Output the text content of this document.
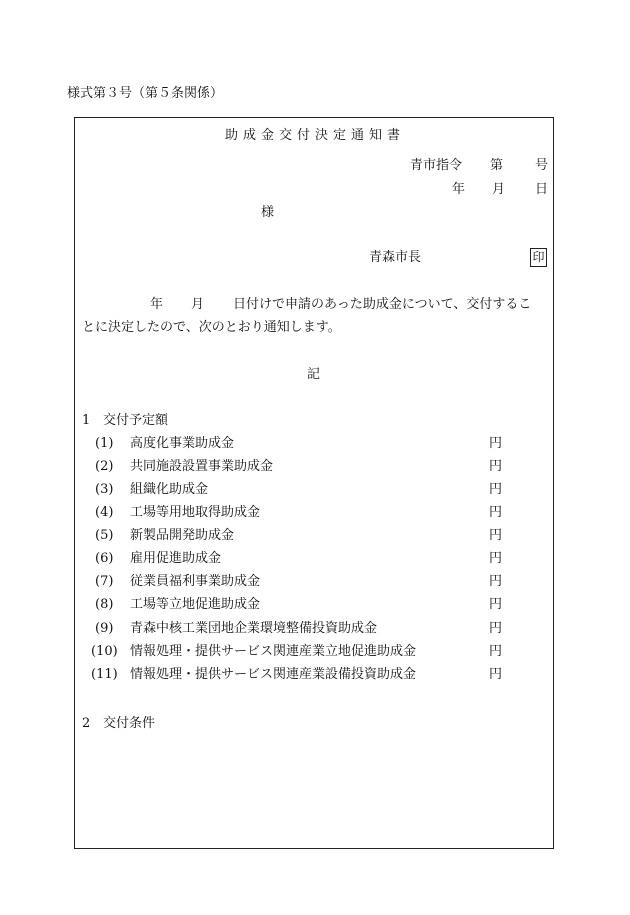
様式第３号（第５条関係）
助成金交付決定通知書
青市指令 第 号
年 月 日
様
青森市長	印
年 月 日付けで申請のあった助成金について、交付するこ
とに決定したので、次のとおり通知します。
記
1 交付予定額
(1) 高度化事業助成金	円
(2) 共同施設設置事業助成金	円
(3) 組織化助成金	円
(4) 工場等用地取得助成金	円
(5) 新製品開発助成金	円
(6) 雇用促進助成金	円
(7) 従業員福利事業助成金	円
(8) 工場等立地促進助成金	円
(9) 青森中核工業団地企業環境整備投資助成金	円
(10) 情報処理・提供サービス関連産業立地促進助成金	円
(11) 情報処理・提供サービス関連産業設備投資助成金	円
2 交付条件
